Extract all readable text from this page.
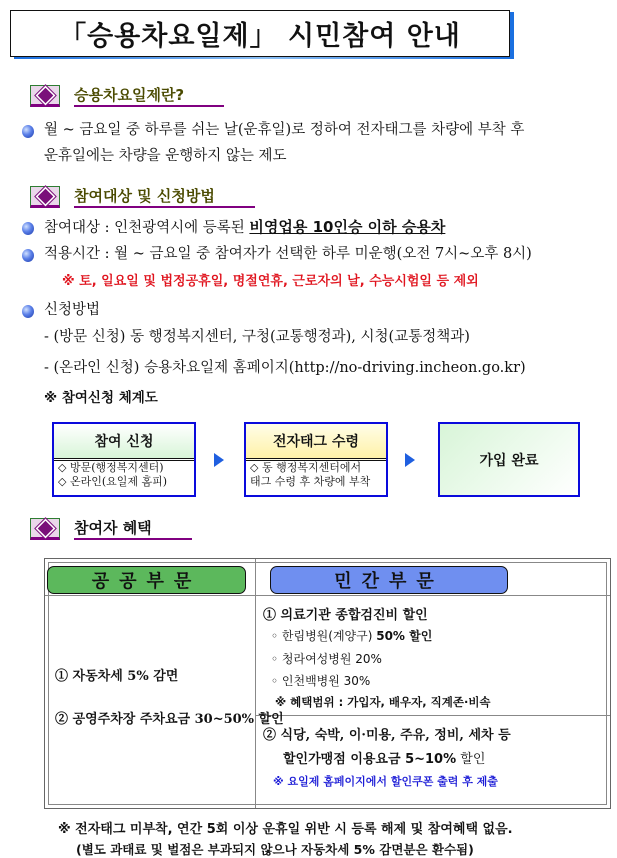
「승용차요일제」 시민참여 안내
승용차요일제란?
월 ~ 금요일 중 하루를 쉬는 날(운휴일)로 정하여 전자태그를 차량에 부착 후
운휴일에는 차량을 운행하지 않는 제도
참여대상 및 신청방법
참여대상 : 인천광역시에 등록된 비영업용 10인승 이하 승용차
적용시간 : 월 ~ 금요일 중 참여자가 선택한 하루 미운행(오전 7시~오후 8시)
※ 토, 일요일 및 법정공휴일, 명절연휴, 근로자의 날, 수능시험일 등 제외
신청방법
- (방문 신청) 동 행정복지센터, 구청(교통행정과), 시청(교통정책과)
- (온라인 신청) 승용차요일제 홈페이지(http://no-driving.incheon.go.kr)
※ 참여신청 체계도
참여 신청
◇ 방문(행정복지센터)
◇ 온라인(요일제 홈피)
전자태그 수령
◇ 동 행정복지센터에서
태그 수령 후 차량에 부착
가입 완료
참여자 혜택
공공부문	민간부문
① 자동차세 5% 감면
② 공영주차장 주차요금 30~50% 할인
① 의료기관 종합검진비 할인
◦ 한림병원(계양구) 50% 할인
◦ 청라여성병원 20%
◦ 인천백병원 30%
※ 혜택범위 : 가입자, 배우자, 직계존·비속
② 식당, 숙박, 이·미용, 주유, 정비, 세차 등
할인가맹점 이용요금 5~10% 할인
※ 요일제 홈페이지에서 할인쿠폰 출력 후 제출
※ 전자태그 미부착, 연간 5회 이상 운휴일 위반 시 등록 해제 및 참여혜택 없음.
(별도 과태료 및 벌점은 부과되지 않으나 자동차세 5% 감면분은 환수됨)
